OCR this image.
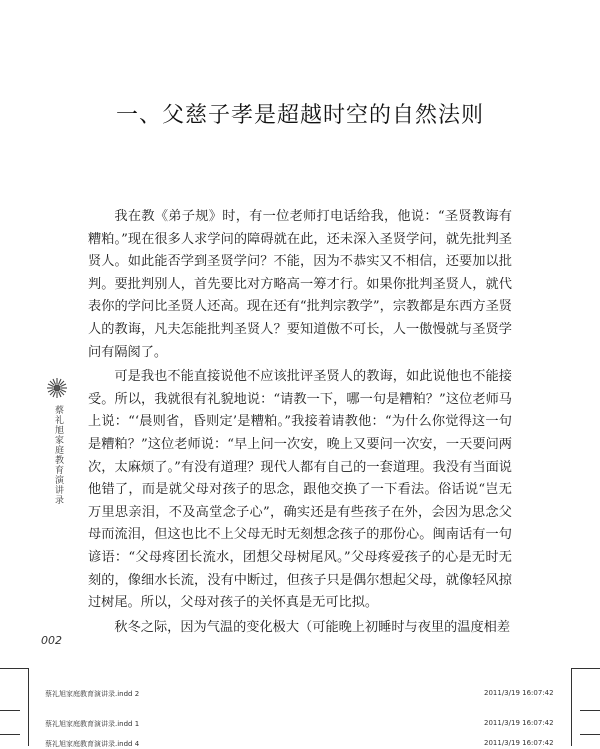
一、父慈子孝是超越时空的自然法则

我在教《弟子规》时，有一位老师打电话给我，他说：“圣贤教诲有糟粕。”现在很多人求学问的障碍就在此，还未深入圣贤学问，就先批判圣贤人。如此能否学到圣贤学问？不能，因为不恭实又不相信，还要加以批判。要批判别人，首先要比对方略高一筹才行。如果你批判圣贤人，就代表你的学问比圣贤人还高。现在还有“批判宗教学”，宗教都是东西方圣贤人的教诲，凡夫怎能批判圣贤人？要知道傲不可长，人一傲慢就与圣贤学问有隔阂了。

可是我也不能直接说他不应该批评圣贤人的教诲，如此说他也不能接受。所以，我就很有礼貌地说：“请教一下，哪一句是糟粕？”这位老师马上说：“‘晨则省，昏则定’是糟粕。”我接着请教他：“为什么你觉得这一句是糟粕？”这位老师说：“早上问一次安，晚上又要问一次安，一天要问两次，太麻烦了。”有没有道理？现代人都有自己的一套道理。我没有当面说他错了，而是就父母对孩子的思念，跟他交换了一下看法。俗话说“岂无万里思亲泪，不及高堂念子心”，确实还是有些孩子在外，会因为思念父母而流泪，但这也比不上父母无时无刻想念孩子的那份心。闽南话有一句谚语：“父母疼团长流水，团想父母树尾风。”父母疼爱孩子的心是无时无刻的，像细水长流，没有中断过，但孩子只是偶尔想起父母，就像轻风掠过树尾。所以，父母对孩子的关怀真是无可比拟。

秋冬之际，因为气温的变化极大（可能晚上初睡时与夜里的温度相差

蔡礼旭家庭教育演讲录
002
蔡礼旭家庭教育演讲录.indd 2	2011/3/19 16:07:42
蔡礼旭家庭教育演讲录.indd 1	2011/3/19 16:07:42
蔡礼旭家庭教育演讲录.indd 4	2011/3/19 16:07:42
